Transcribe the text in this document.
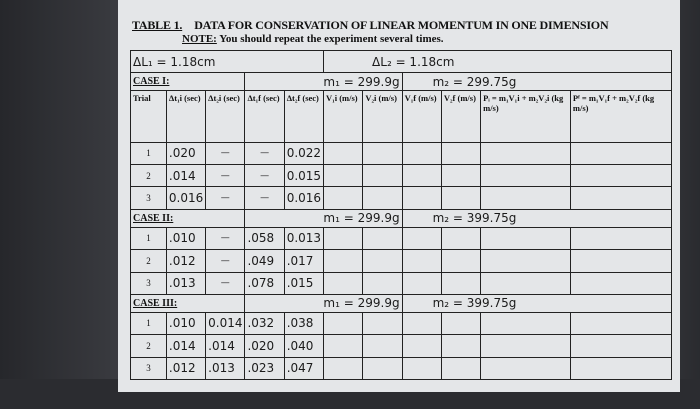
TABLE 1. DATA FOR CONSERVATION OF LINEAR MOMENTUM IN ONE DIMENSION
NOTE: You should repeat the experiment several times.
ΔL₁ = 1.18cm					ΔL₂ = 1.18cm					
CASE I:			m₁ = 299.9g				m₂ = 299.75g			
Trial	Δt₁i (sec)	Δt₂i (sec)	Δt₁f (sec)	Δt₂f (sec)	V₁i (m/s)	V₂i (m/s)	V₁f (m/s)	V₂f (m/s)	Pᵢ = m₁V₁i + m₂V₂i (kg m/s)	Pᶠ = m₁V₁f + m₂V₂f (kg m/s)
1	.020	—	—	0.022						
2	.014	—	—	0.015						
3	0.016	—	—	0.016						
CASE II:			m₁ = 299.9g				m₂ = 399.75g			
1	.010	—	.058	0.013						
2	.012	—	.049	.017						
3	.013	—	.078	.015						
CASE III:			m₁ = 299.9g				m₂ = 399.75g			
1	.010	0.014	.032	.038						
2	.014	.014	.020	.040						
3	.012	.013	.023	.047						
